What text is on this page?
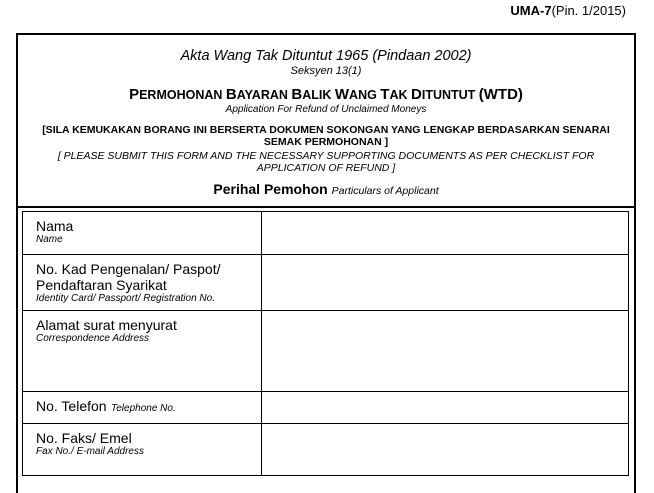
UMA-7(Pin. 1/2015)
Akta Wang Tak Dituntut 1965 (Pindaan 2002)
Seksyen 13(1)
PERMOHONAN BAYARAN BALIK WANG TAK DITUNTUT (WTD)
Application For Refund of Unclaimed Moneys
[SILA KEMUKAKAN BORANG INI BERSERTA DOKUMEN SOKONGAN YANG LENGKAP BERDASARKAN SENARAI SEMAK PERMOHONAN ]
[ PLEASE SUBMIT THIS FORM AND THE NECESSARY SUPPORTING DOCUMENTS AS PER CHECKLIST FOR APPLICATION OF REFUND ]
Perihal Pemohon Particulars of Applicant
Nama
Name	

No. Kad Pengenalan/ Paspot/ Pendaftaran Syarikat
Identity Card/ Passport/ Registration No.	

Alamat surat menyurat
Correspondence Address	

No. Telefon Telephone No.	

No. Faks/ Emel
Fax No./ E-mail Address	
